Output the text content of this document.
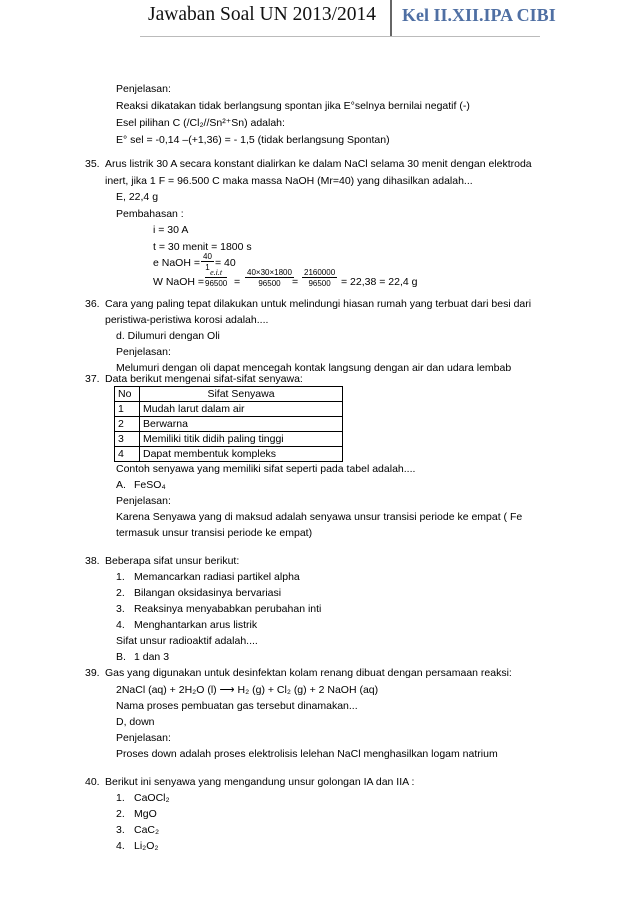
Jawaban Soal UN 2013/2014 Kel II.XII.IPA CIBI
Penjelasan:
Reaksi dikatakan tidak berlangsung spontan jika E°selnya bernilai negatif (-)
Esel pilihan C (/Cl₂//Sn²⁺Sn) adalah:
E° sel = -0,14 –(+1,36) = - 1,5 (tidak berlangsung Spontan)
35. Arus listrik 30 A secara konstant dialirkan ke dalam NaCl selama 30 menit dengan elektroda
inert, jika 1 F = 96.500 C maka massa NaOH (Mr=40) yang dihasilkan adalah...
E, 22,4 g
Pembahasan :
i = 30 A
t = 30 menit = 1800 s
e NaOH = $\frac{40}{1} = 40$
W NaOH = $\frac{e.i.t}{96500} = \frac{40\times 30\times 1800}{96500}$
= $\frac{2160000}{96500} = 22,38 = 22,4$ g
36. Cara yang paling tepat dilakukan untuk melindungi hiasan rumah yang terbuat dari besi dari
peristiwa-peristiwa korosi adalah....
d. Dilumuri dengan Oli
Penjelasan:
Melumuri dengan oli dapat mencegah kontak langsung dengan air dan udara lembab
37. Data berikut mengenai sifat-sifat senyawa:
No	Sifat Senyawa
1	Mudah larut dalam air
2	Berwarna
3	Memiliki titik didih paling tinggi
4	Dapat membentuk kompleks
Contoh senyawa yang memiliki sifat seperti pada tabel adalah....
A. FeSO₄
Penjelasan:
Karena Senyawa yang di maksud adalah senyawa unsur transisi periode ke empat ( Fe
termasuk unsur transisi periode ke empat)
38. Beberapa sifat unsur berikut:
1. Memancarkan radiasi partikel alpha
2. Bilangan oksidasinya bervariasi
3. Reaksinya menyababkan perubahan inti
4. Menghantarkan arus listrik
Sifat unsur radioaktif adalah....
B. 1 dan 3
39. Gas yang digunakan untuk desinfektan kolam renang dibuat dengan persamaan reaksi:
2NaCl (aq) + 2H₂O (l) ⟶ H₂ (g) + Cl₂ (g) + 2 NaOH (aq)
Nama proses pembuatan gas tersebut dinamakan...
D, down
Penjelasan:
Proses down adalah proses elektrolisis lelehan NaCl menghasilkan logam natrium
40. Berikut ini senyawa yang mengandung unsur golongan IA dan IIA :
1. CaOCl₂
2. MgO
3. CaC₂
4. Li₂O₂
